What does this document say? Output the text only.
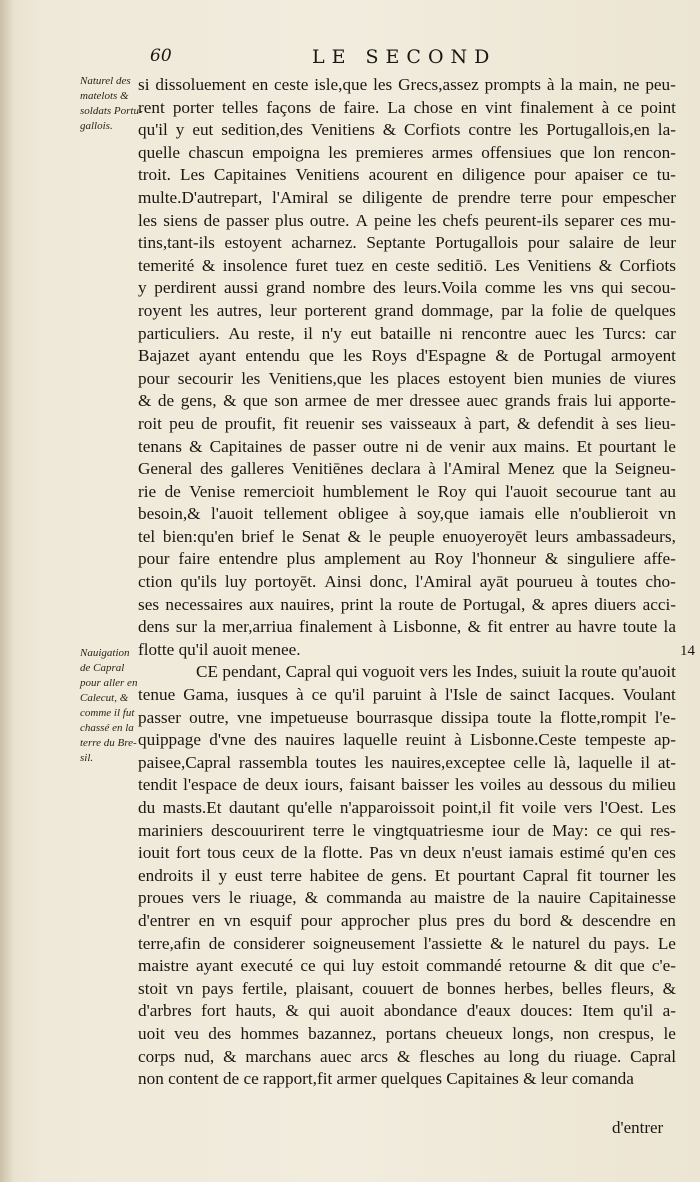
60	LE SECOND
Naturel des
matelots &
soldats Portu-
gallois.
Nauigation
de Capral
pour aller en
Calecut, &
comme il fut
chassé en la
terre du Bre-
sil.
si dissoluement en ceste isle,que les Grecs,assez prompts à la main, ne peu-
rent porter telles façons de faire. La chose en vint finalement à ce point
qu'il y eut sedition,des Venitiens & Corfiots contre les Portugallois,en la-
quelle chascun empoigna les premieres armes offensiues que lon rencon-
troit. Les Capitaines Venitiens acourent en diligence pour apaiser ce tu-
multe.D'autrepart, l'Amiral se diligente de prendre terre pour empescher
les siens de passer plus outre. A peine les chefs peurent-ils separer ces mu-
tins,tant-ils estoyent acharnez. Septante Portugallois pour salaire de leur
temerité & insolence furet tuez en ceste seditiō. Les Venitiens & Corfiots
y perdirent aussi grand nombre des leurs.Voila comme les vns qui secou-
royent les autres, leur porterent grand dommage, par la folie de quelques
particuliers. Au reste, il n'y eut bataille ni rencontre auec les Turcs: car
Bajazet ayant entendu que les Roys d'Espagne & de Portugal armoyent
pour secourir les Venitiens,que les places estoyent bien munies de viures
& de gens, & que son armee de mer dressee auec grands frais lui apporte-
roit peu de proufit, fit reuenir ses vaisseaux à part, & defendit à ses lieu-
tenans & Capitaines de passer outre ni de venir aux mains. Et pourtant le
General des galleres Venitiēnes declara à l'Amiral Menez que la Seigneu-
rie de Venise remercioit humblement le Roy qui l'auoit secourue tant au
besoin,& l'auoit tellement obligee à soy,que iamais elle n'oublieroit vn
tel bien:qu'en brief le Senat & le peuple enuoyeroyēt leurs ambassadeurs,
pour faire entendre plus amplement au Roy l'honneur & singuliere affe-
ction qu'ils luy portoyēt. Ainsi donc, l'Amiral ayāt pourueu à toutes cho-
ses necessaires aux nauires, print la route de Portugal, & apres diuers acci-
dens sur la mer,arriua finalement à Lisbonne, & fit entrer au havre toute la
flotte qu'il auoit menee.
CE pendant, Capral qui voguoit vers les Indes, suiuit la route qu'auoit
tenue Gama, iusques à ce qu'il paruint à l'Isle de sainct Iacques. Voulant
passer outre, vne impetueuse bourrasque dissipa toute la flotte,rompit l'e-
quippage d'vne des nauires laquelle reuint à Lisbonne.Ceste tempeste ap-
paisee,Capral rassembla toutes les nauires,exceptee celle là, laquelle il at-
tendit l'espace de deux iours, faisant baisser les voiles au dessous du milieu
du masts.Et dautant qu'elle n'apparoissoit point,il fit voile vers l'Oest. Les
mariniers descouurirent terre le vingtquatriesme iour de May: ce qui res-
iouit fort tous ceux de la flotte. Pas vn deux n'eust iamais estimé qu'en ces
endroits il y eust terre habitee de gens. Et pourtant Capral fit tourner les
proues vers le riuage, & commanda au maistre de la nauire Capitainesse
d'entrer en vn esquif pour approcher plus pres du bord & descendre en
terre,afin de considerer soigneusement l'assiette & le naturel du pays. Le
maistre ayant executé ce qui luy estoit commandé retourne & dit que c'e-
stoit vn pays fertile, plaisant, couuert de bonnes herbes, belles fleurs, &
d'arbres fort hauts, & qui auoit abondance d'eaux douces: Item qu'il a-
uoit veu des hommes bazannez, portans cheueux longs, non crespus, le
corps nud, & marchans auec arcs & flesches au long du riuage. Capral
non content de ce rapport,fit armer quelques Capitaines & leur comanda
14
d'entrer
